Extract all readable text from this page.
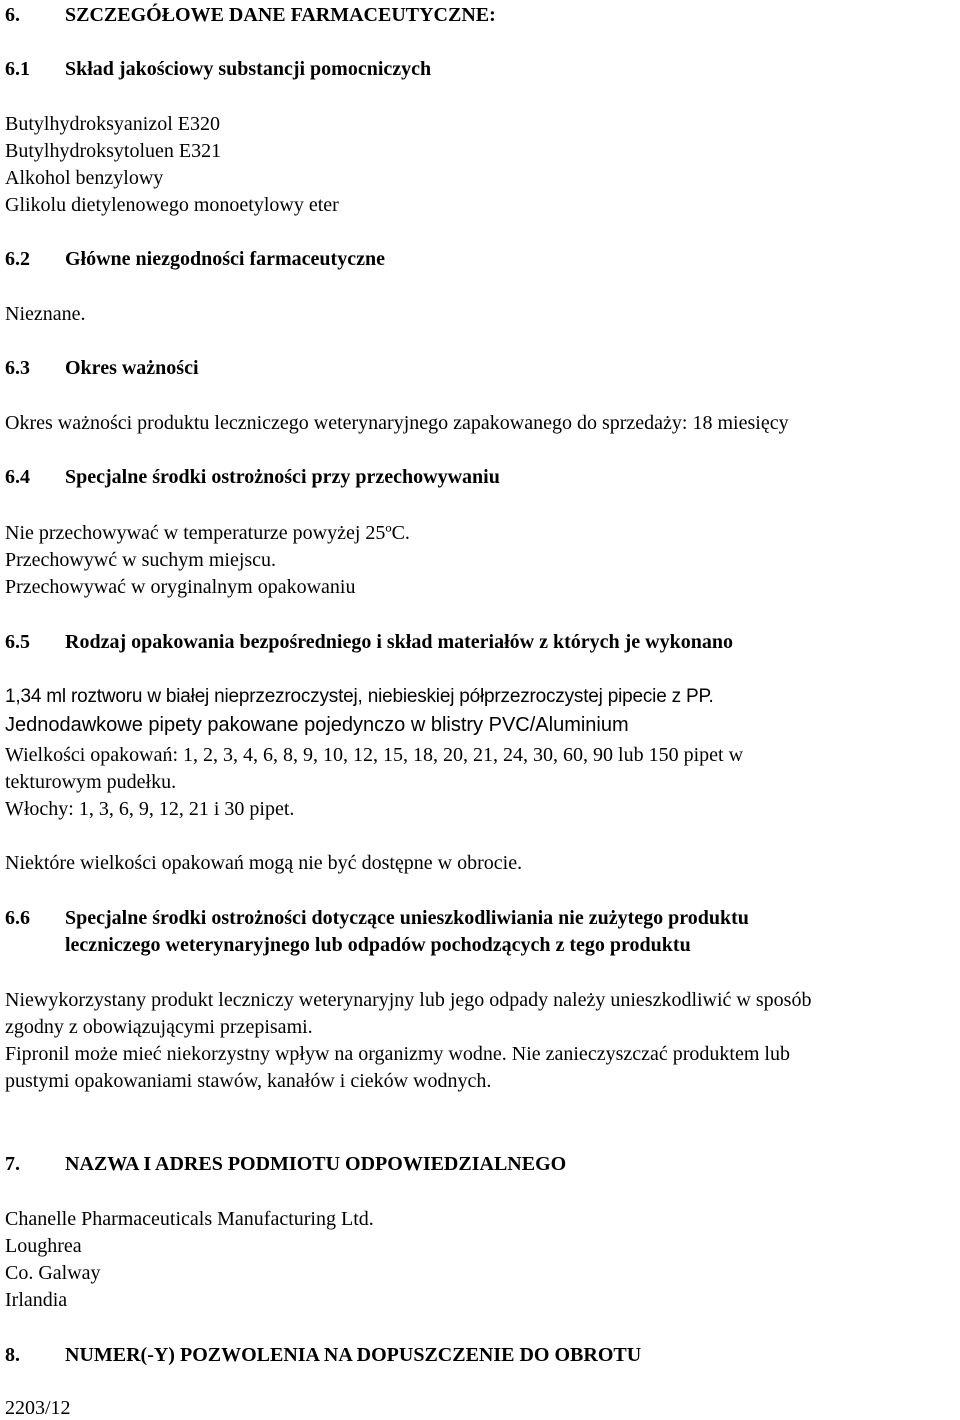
6. SZCZEGÓŁOWE DANE FARMACEUTYCZNE:
6.1 Skład jakościowy substancji pomocniczych
Butylhydroksyanizol E320
Butylhydroksytoluen E321
Alkohol benzylowy
Glikolu dietylenowego monoetylowy eter
6.2 Główne niezgodności farmaceutyczne
Nieznane.
6.3 Okres ważności
Okres ważności produktu leczniczego weterynaryjnego zapakowanego do sprzedaży: 18 miesięcy
6.4 Specjalne środki ostrożności przy przechowywaniu
Nie przechowywać w temperaturze powyżej 25ºC.
Przechowywć w suchym miejscu.
Przechowywać w oryginalnym opakowaniu
6.5 Rodzaj opakowania bezpośredniego i skład materiałów z których je wykonano
1,34 ml roztworu w białej nieprzezroczystej, niebieskiej półprzezroczystej pipecie z PP.
Jednodawkowe pipety pakowane pojedynczo w blistry PVC/Aluminium
Wielkości opakowań: 1, 2, 3, 4, 6, 8, 9, 10, 12, 15, 18, 20, 21, 24, 30, 60, 90 lub 150 pipet w
tekturowym pudełku.
Włochy: 1, 3, 6, 9, 12, 21 i 30 pipet.
Niektóre wielkości opakowań mogą nie być dostępne w obrocie.
6.6 Specjalne środki ostrożności dotyczące unieszkodliwiania nie zużytego produktu
leczniczego weterynaryjnego lub odpadów pochodzących z tego produktu
Niewykorzystany produkt leczniczy weterynaryjny lub jego odpady należy unieszkodliwić w sposób
zgodny z obowiązującymi przepisami.
Fipronil może mieć niekorzystny wpływ na organizmy wodne. Nie zanieczyszczać produktem lub
pustymi opakowaniami stawów, kanałów i cieków wodnych.
7. NAZWA I ADRES PODMIOTU ODPOWIEDZIALNEGO
Chanelle Pharmaceuticals Manufacturing Ltd.
Loughrea
Co. Galway
Irlandia
8. NUMER(-Y) POZWOLENIA NA DOPUSZCZENIE DO OBROTU
2203/12
